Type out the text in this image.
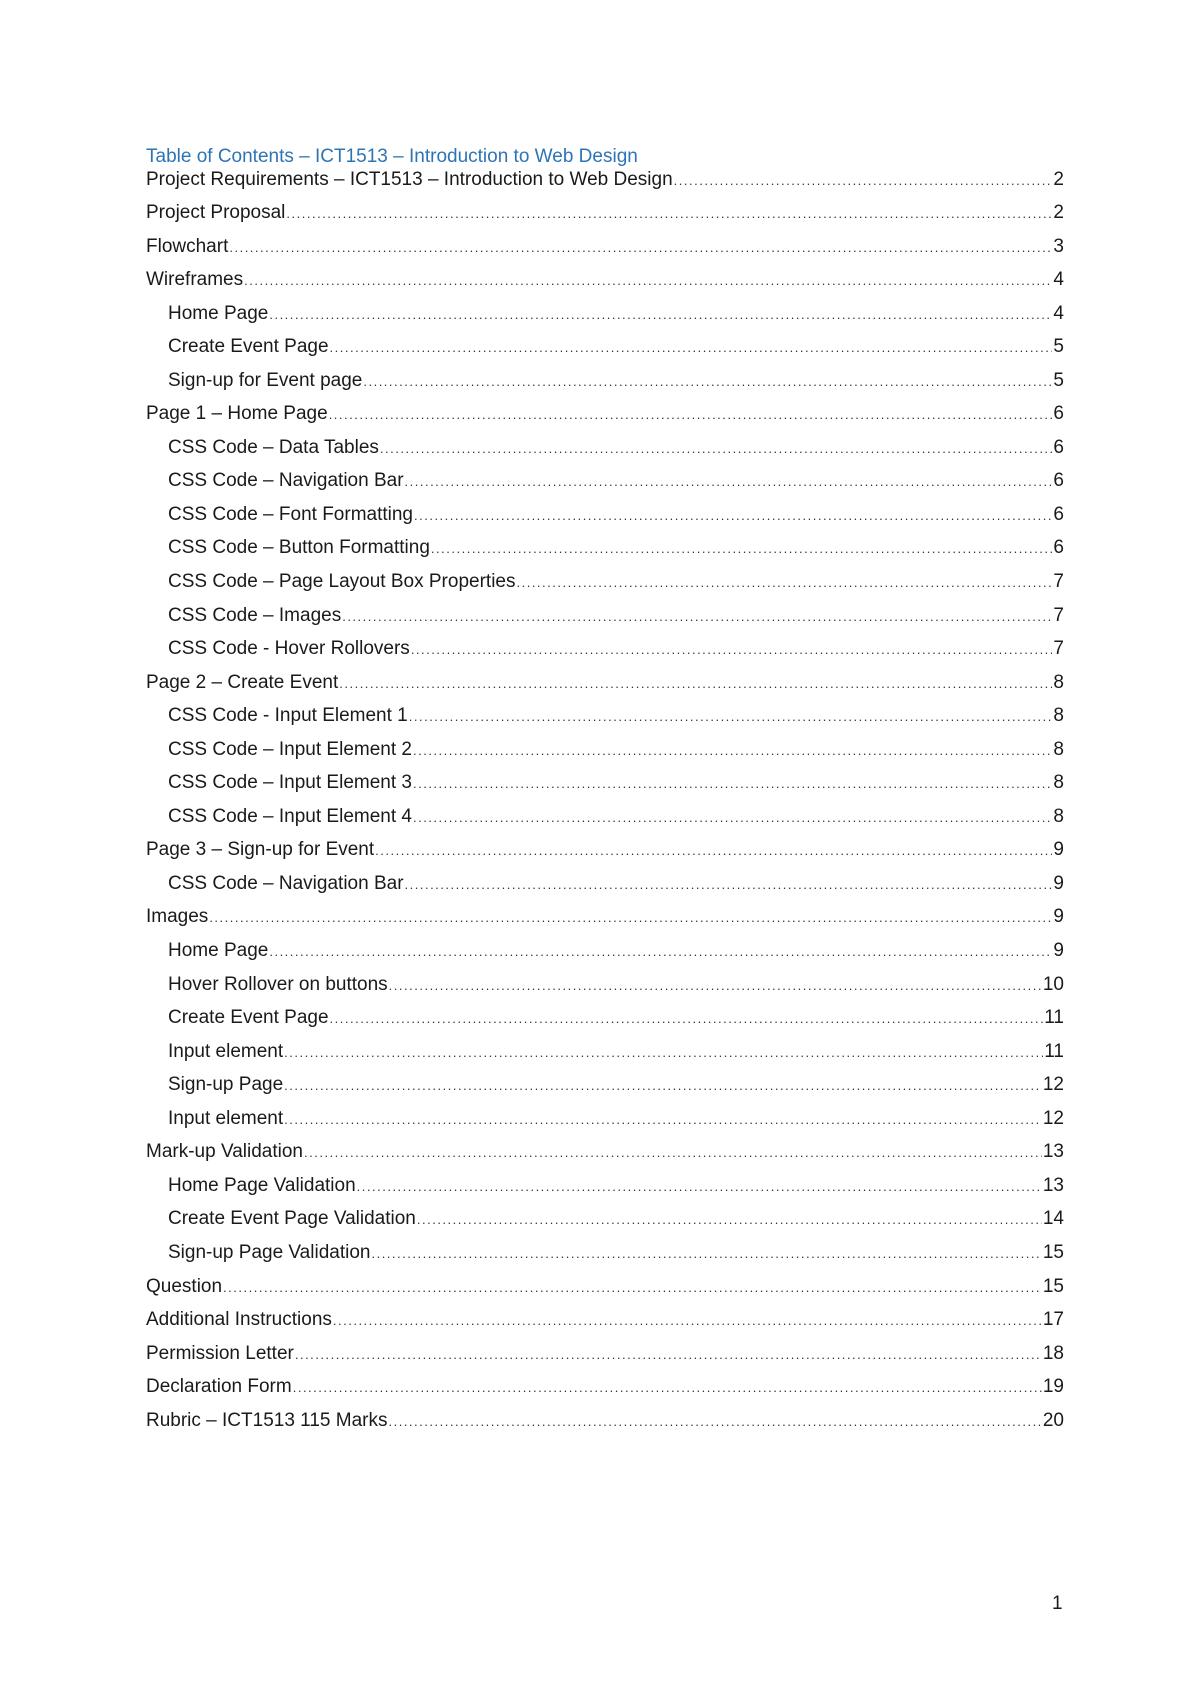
Table of Contents – ICT1513 – Introduction to Web Design
Project Requirements – ICT1513 – Introduction to Web Design .....	2
Project Proposal .....	2
Flowchart .....	3
Wireframes .....	4
Home Page .....	4
Create Event Page .....	5
Sign-up for Event page .....	5
Page 1 – Home Page .....	6
CSS Code – Data Tables .....	6
CSS Code – Navigation Bar .....	6
CSS Code – Font Formatting .....	6
CSS Code – Button Formatting .....	6
CSS Code – Page Layout Box Properties .....	7
CSS Code – Images .....	7
CSS Code - Hover Rollovers .....	7
Page 2 – Create Event .....	8
CSS Code - Input Element 1 .....	8
CSS Code – Input Element 2 .....	8
CSS Code – Input Element 3 .....	8
CSS Code – Input Element 4 .....	8
Page 3 – Sign-up for Event .....	9
CSS Code – Navigation Bar .....	9
Images .....	9
Home Page .....	9
Hover Rollover on buttons .....	10
Create Event Page .....	11
Input element .....	11
Sign-up Page .....	12
Input element .....	12
Mark-up Validation .....	13
Home Page Validation .....	13
Create Event Page Validation .....	14
Sign-up Page Validation .....	15
Question .....	15
Additional Instructions .....	17
Permission Letter .....	18
Declaration Form .....	19
Rubric – ICT1513 115 Marks .....	20
1
